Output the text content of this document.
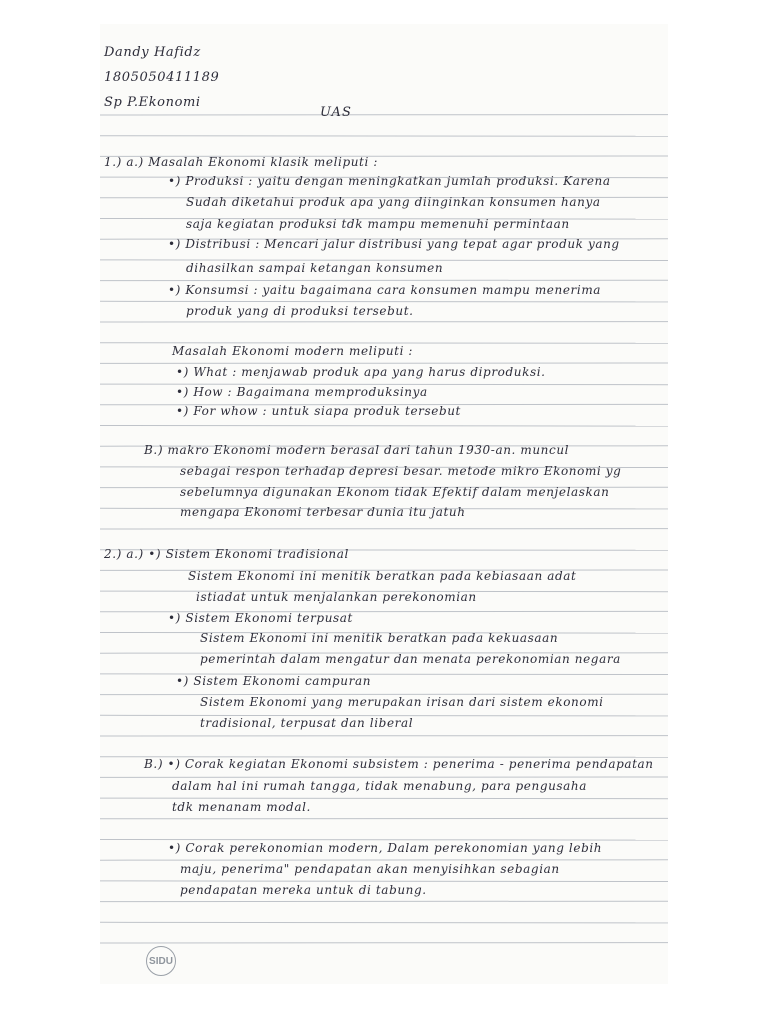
Dandy Hafidz
1805050411189
Sp P.Ekonomi
UAS
1.) a.) Masalah Ekonomi klasik meliputi :
•) Produksi : yaitu dengan meningkatkan jumlah produksi. Karena
Sudah diketahui produk apa yang diinginkan konsumen hanya
saja kegiatan produksi tdk mampu memenuhi permintaan
•) Distribusi : Mencari jalur distribusi yang tepat agar produk yang
dihasilkan sampai ketangan konsumen
•) Konsumsi : yaitu bagaimana cara konsumen mampu menerima
produk yang di produksi tersebut.
Masalah Ekonomi modern meliputi :
•) What : menjawab produk apa yang harus diproduksi.
•) How : Bagaimana memproduksinya
•) For whow : untuk siapa produk tersebut
B.) makro Ekonomi modern berasal dari tahun 1930-an. muncul
sebagai respon terhadap depresi besar. metode mikro Ekonomi yg
sebelumnya digunakan Ekonom tidak Efektif dalam menjelaskan
mengapa Ekonomi terbesar dunia itu jatuh
2.) a.) •) Sistem Ekonomi tradisional
Sistem Ekonomi ini menitik beratkan pada kebiasaan adat
istiadat untuk menjalankan perekonomian
•) Sistem Ekonomi terpusat
Sistem Ekonomi ini menitik beratkan pada kekuasaan
pemerintah dalam mengatur dan menata perekonomian negara
•) Sistem Ekonomi campuran
Sistem Ekonomi yang merupakan irisan dari sistem ekonomi
tradisional, terpusat dan liberal
B.) •) Corak kegiatan Ekonomi subsistem : penerima - penerima pendapatan
dalam hal ini rumah tangga, tidak menabung, para pengusaha
tdk menanam modal.
•) Corak perekonomian modern, Dalam perekonomian yang lebih
maju, penerima" pendapatan akan menyisihkan sebagian
pendapatan mereka untuk di tabung.
SIDU
